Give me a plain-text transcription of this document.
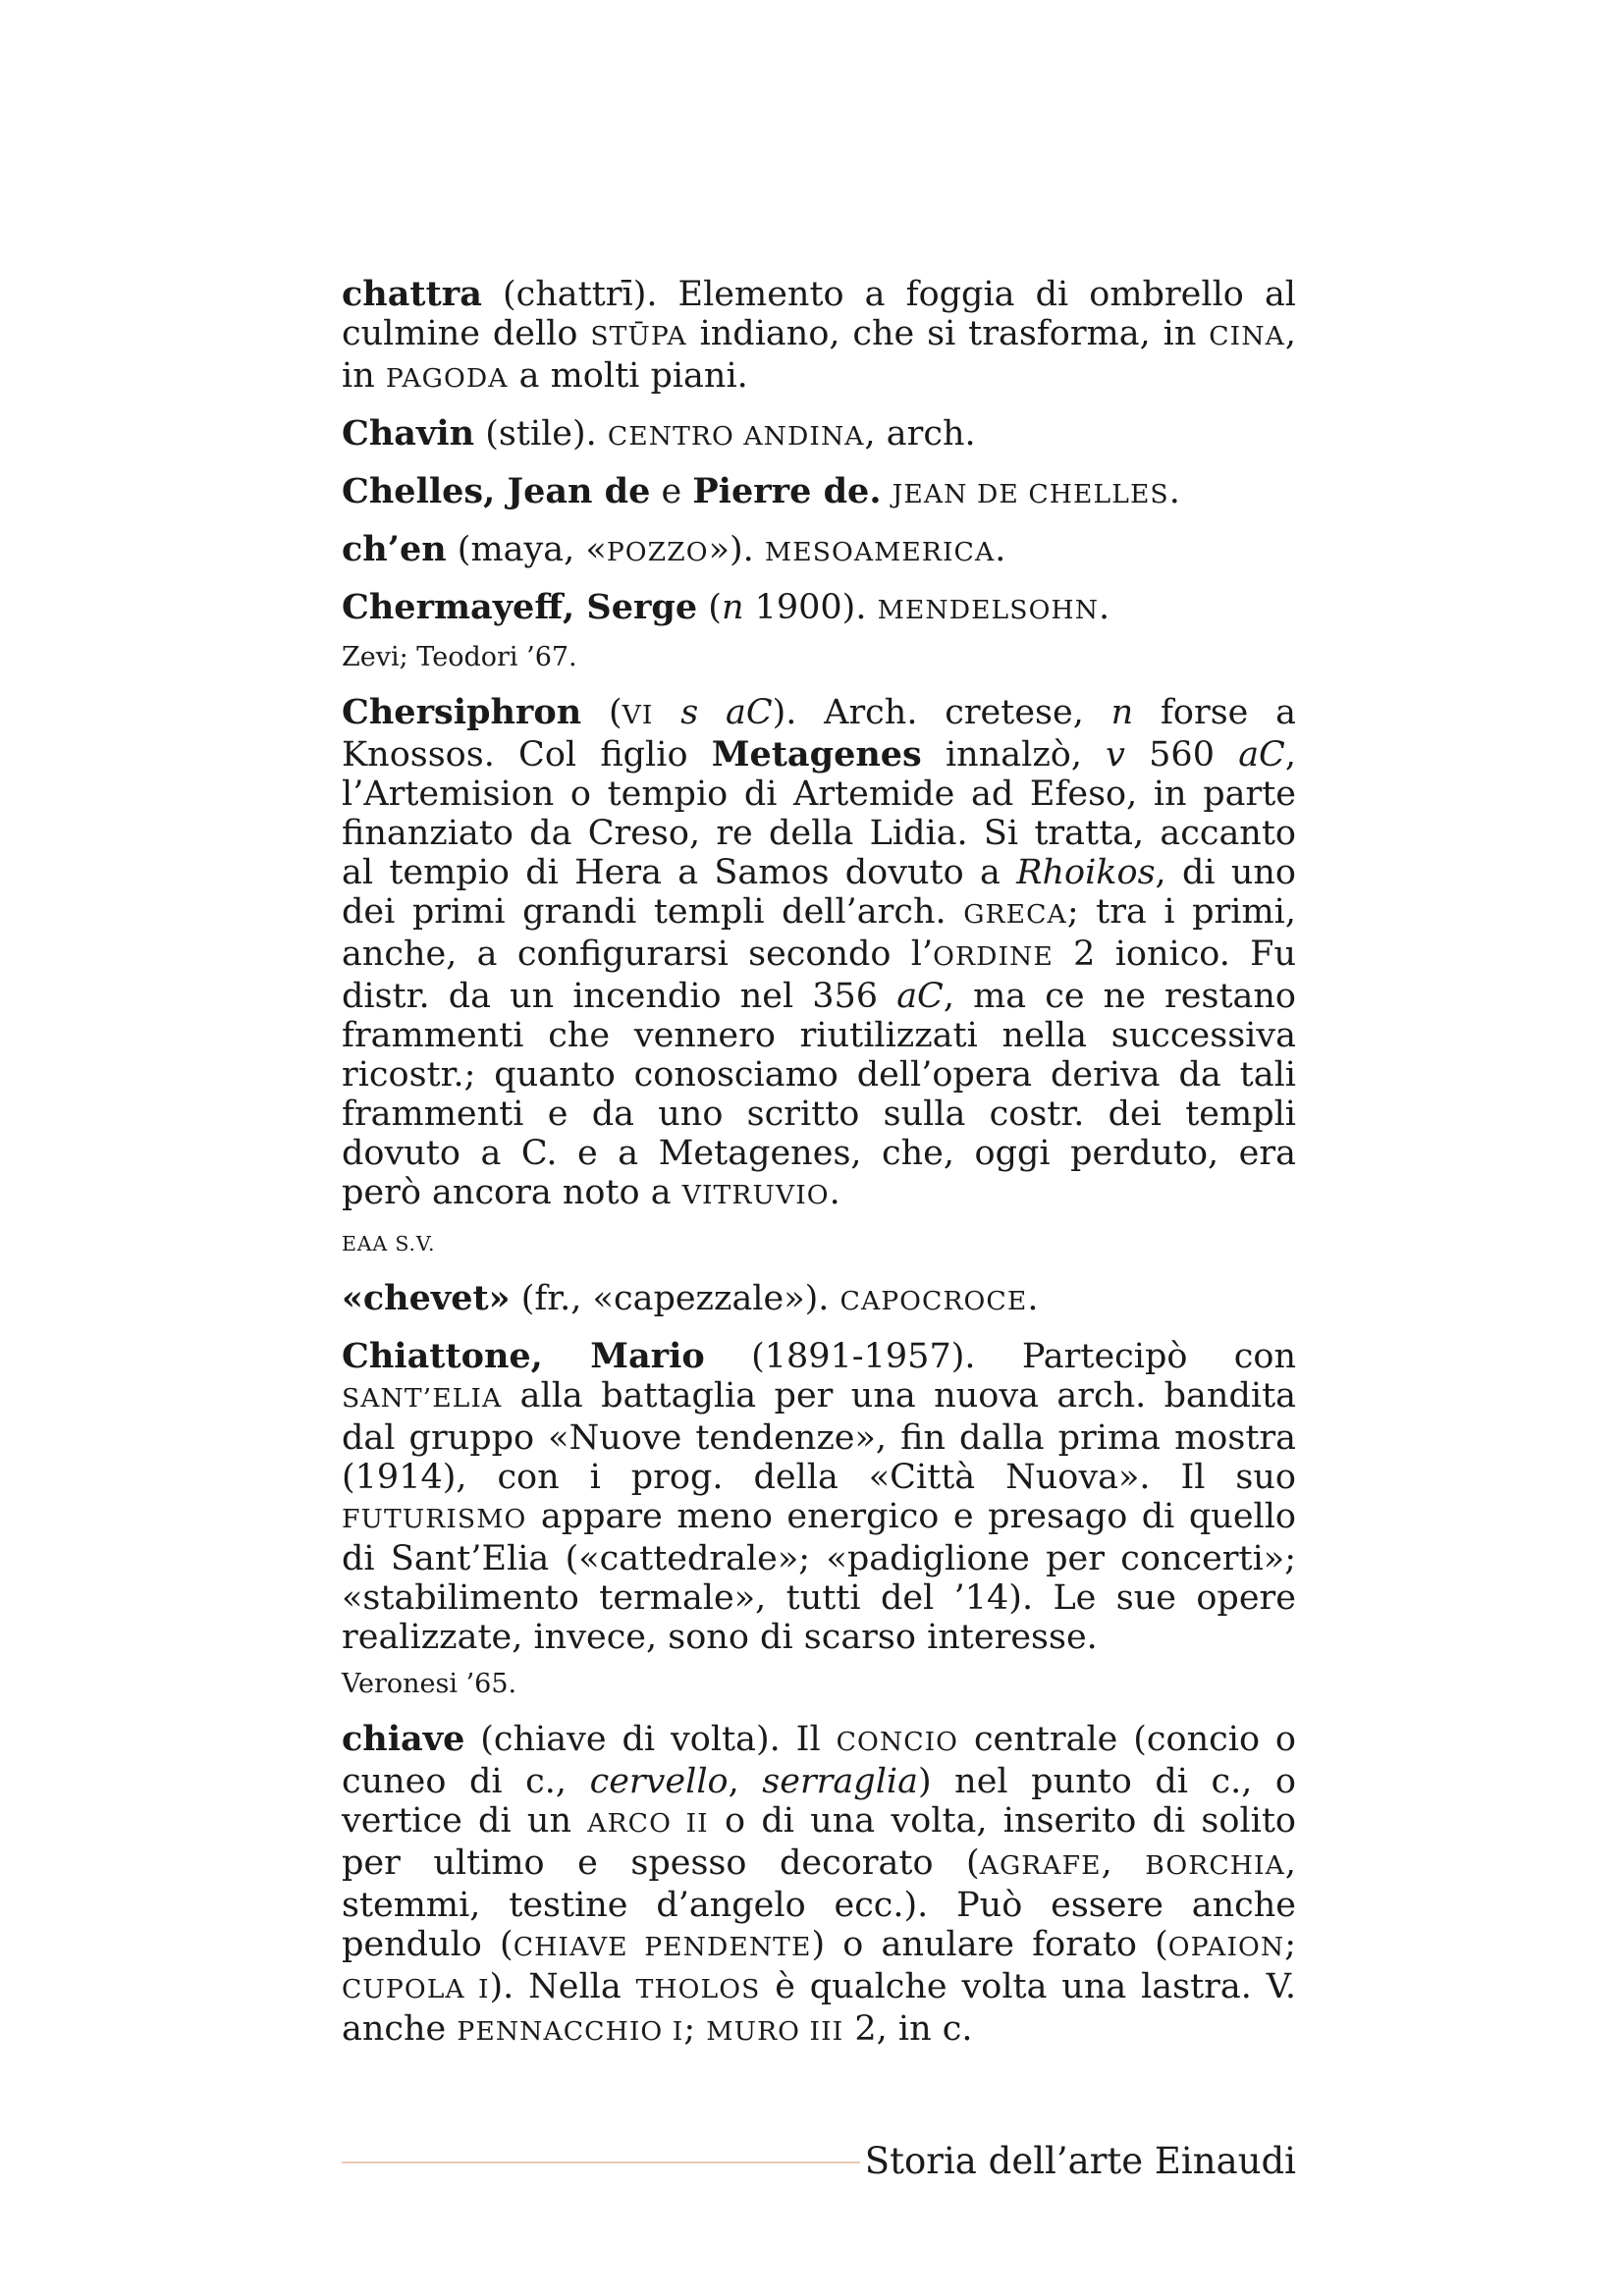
chattra (chattrī). Elemento a foggia di ombrello al culmine dello STŪPA indiano, che si trasforma, in CINA, in PAGODA a molti piani.

Chavin (stile). CENTRO ANDINA, arch.

Chelles, Jean de e Pierre de. JEAN DE CHELLES.

ch’en (maya, «POZZO»). MESOAMERICA.

Chermayeff, Serge (n 1900). MENDELSOHN.

Zevi; Teodori ’67.

Chersiphron (VI s aC). Arch. cretese, n forse a Knossos. Col figlio Metagenes innalzò, v 560 aC, l’Artemision o tempio di Artemide ad Efeso, in parte finanziato da Creso, re della Lidia. Si tratta, accanto al tempio di Hera a Samos dovuto a Rhoikos, di uno dei primi grandi templi dell’arch. GRECA; tra i primi, anche, a configurarsi secondo l’ORDINE 2 ionico. Fu distr. da un incendio nel 356 aC, ma ce ne restano frammenti che vennero riutilizzati nella successiva ricostr.; quanto conosciamo dell’opera deriva da tali frammenti e da uno scritto sulla costr. dei templi dovuto a C. e a Metagenes, che, oggi perduto, era però ancora noto a VITRUVIO.

EAA S.V.

«chevet» (fr., «capezzale»). CAPOCROCE.

Chiattone, Mario (1891-1957). Partecipò con SANT’ELIA alla battaglia per una nuova arch. bandita dal gruppo «Nuove tendenze», fin dalla prima mostra (1914), con i prog. della «Città Nuova». Il suo FUTURISMO appare meno energico e presago di quello di Sant’Elia («cattedrale»; «padiglione per concerti»; «stabilimento termale», tutti del ’14). Le sue opere realizzate, invece, sono di scarso interesse.

Veronesi ’65.

chiave (chiave di volta). Il CONCIO centrale (concio o cuneo di c., cervello, serraglia) nel punto di c., o vertice di un ARCO II o di una volta, inserito di solito per ultimo e spesso decorato (AGRAFE, BORCHIA, stemmi, testine d’angelo ecc.). Può essere anche pendulo (CHIAVE PENDENTE) o anulare forato (OPAION; CUPOLA I). Nella THOLOS è qualche volta una lastra. V. anche PENNACCHIO I; MURO III 2, in c.

Storia dell’arte Einaudi
